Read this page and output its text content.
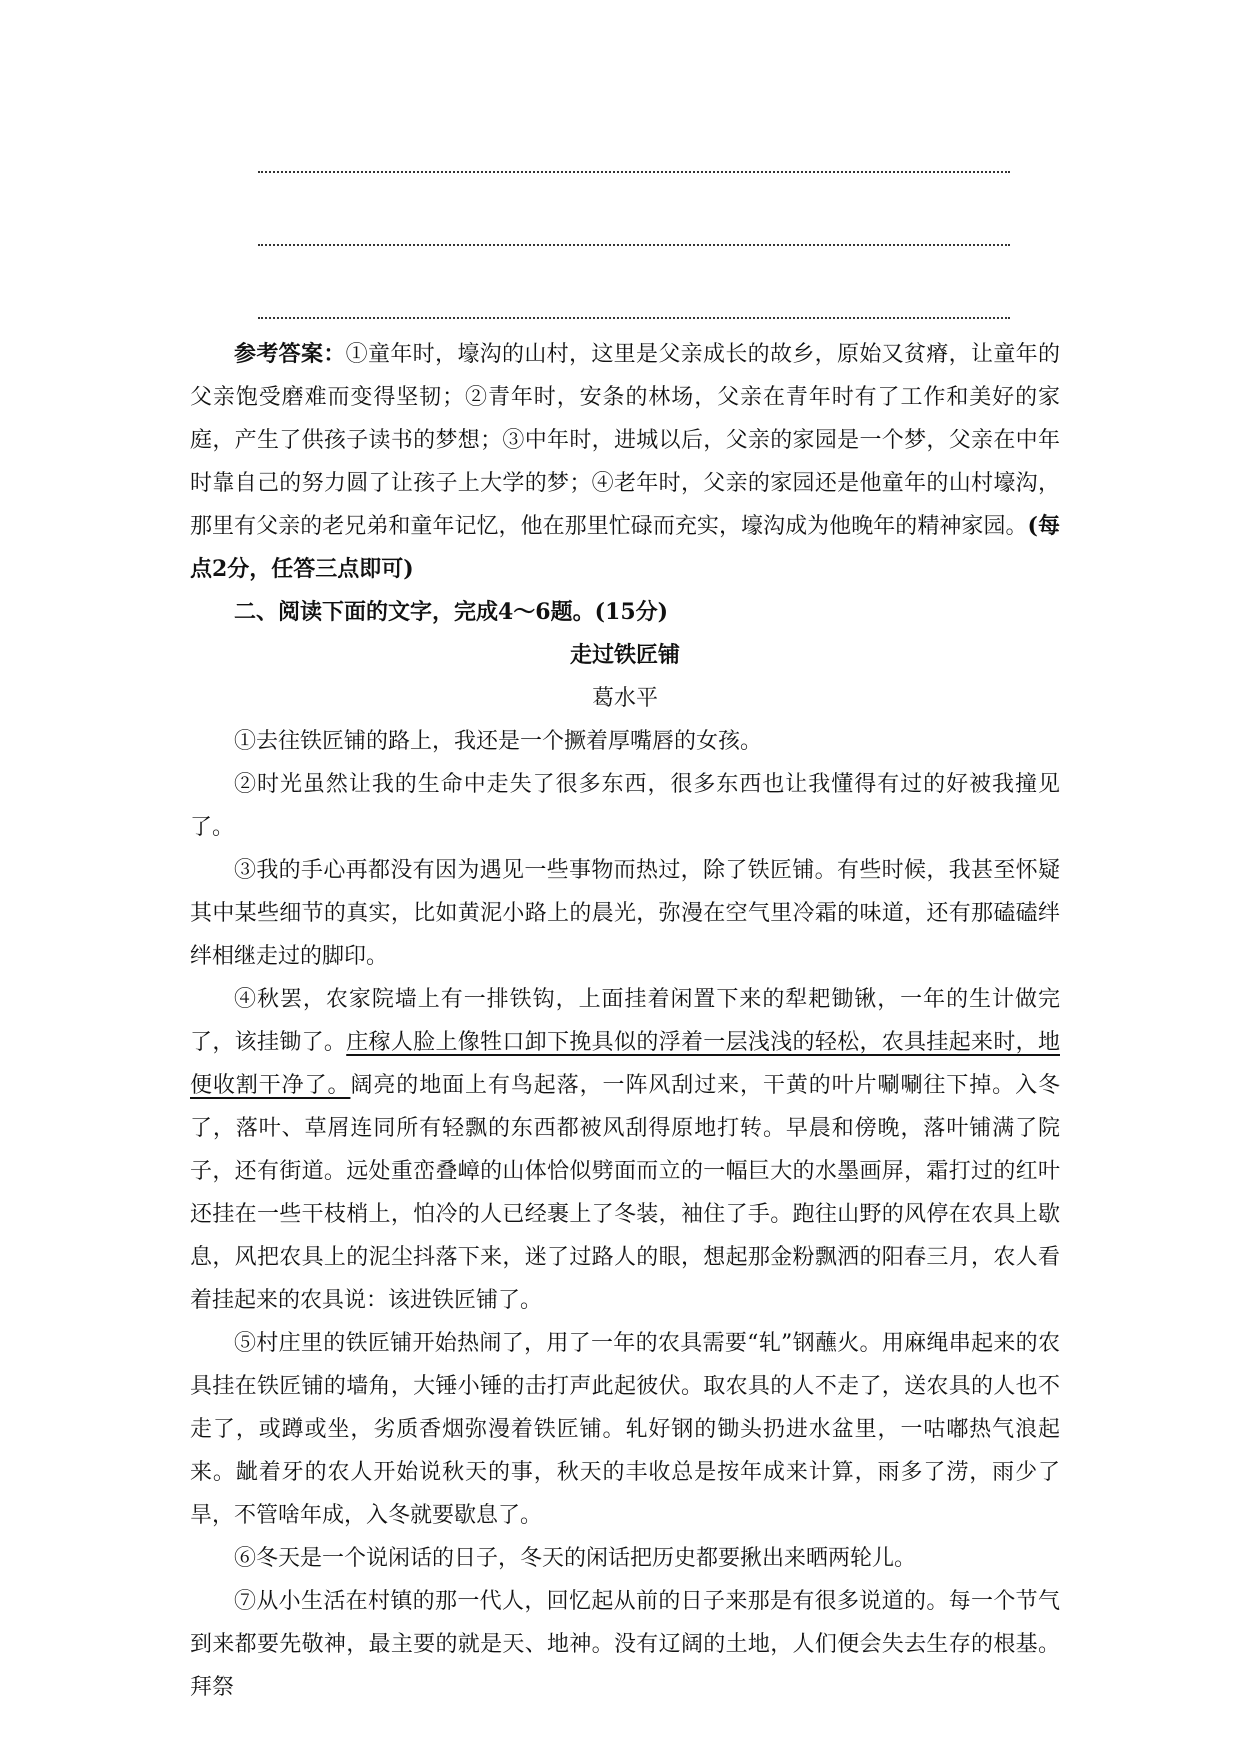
参考答案：①童年时，壕沟的山村，这里是父亲成长的故乡，原始又贫瘠，让童年的父亲饱受磨难而变得坚韧；②青年时，安条的林场，父亲在青年时有了工作和美好的家庭，产生了供孩子读书的梦想；③中年时，进城以后，父亲的家园是一个梦，父亲在中年时靠自己的努力圆了让孩子上大学的梦；④老年时，父亲的家园还是他童年的山村壕沟，那里有父亲的老兄弟和童年记忆，他在那里忙碌而充实，壕沟成为他晚年的精神家园。(每点2分，任答三点即可)

二、阅读下面的文字，完成4～6题。(15分)

走过铁匠铺

葛水平

①去往铁匠铺的路上，我还是一个撅着厚嘴唇的女孩。

②时光虽然让我的生命中走失了很多东西，很多东西也让我懂得有过的好被我撞见了。

③我的手心再都没有因为遇见一些事物而热过，除了铁匠铺。有些时候，我甚至怀疑其中某些细节的真实，比如黄泥小路上的晨光，弥漫在空气里冷霜的味道，还有那磕磕绊绊相继走过的脚印。

④秋罢，农家院墙上有一排铁钩，上面挂着闲置下来的犁耙锄锹，一年的生计做完了，该挂锄了。庄稼人脸上像牲口卸下挽具似的浮着一层浅浅的轻松，农具挂起来时，地便收割干净了。阔亮的地面上有鸟起落，一阵风刮过来，干黄的叶片唰唰往下掉。入冬了，落叶、草屑连同所有轻飘的东西都被风刮得原地打转。早晨和傍晚，落叶铺满了院子，还有街道。远处重峦叠嶂的山体恰似劈面而立的一幅巨大的水墨画屏，霜打过的红叶还挂在一些干枝梢上，怕冷的人已经裹上了冬装，袖住了手。跑往山野的风停在农具上歇息，风把农具上的泥尘抖落下来，迷了过路人的眼，想起那金粉飘洒的阳春三月，农人看着挂起来的农具说：该进铁匠铺了。

⑤村庄里的铁匠铺开始热闹了，用了一年的农具需要“轧”钢蘸火。用麻绳串起来的农具挂在铁匠铺的墙角，大锤小锤的击打声此起彼伏。取农具的人不走了，送农具的人也不走了，或蹲或坐，劣质香烟弥漫着铁匠铺。轧好钢的锄头扔进水盆里，一咕嘟热气浪起来。龇着牙的农人开始说秋天的事，秋天的丰收总是按年成来计算，雨多了涝，雨少了旱，不管啥年成，入冬就要歇息了。

⑥冬天是一个说闲话的日子，冬天的闲话把历史都要揪出来晒两轮儿。

⑦从小生活在村镇的那一代人，回忆起从前的日子来那是有很多说道的。每一个节气到来都要先敬神，最主要的就是天、地神。没有辽阔的土地，人们便会失去生存的根基。拜祭
